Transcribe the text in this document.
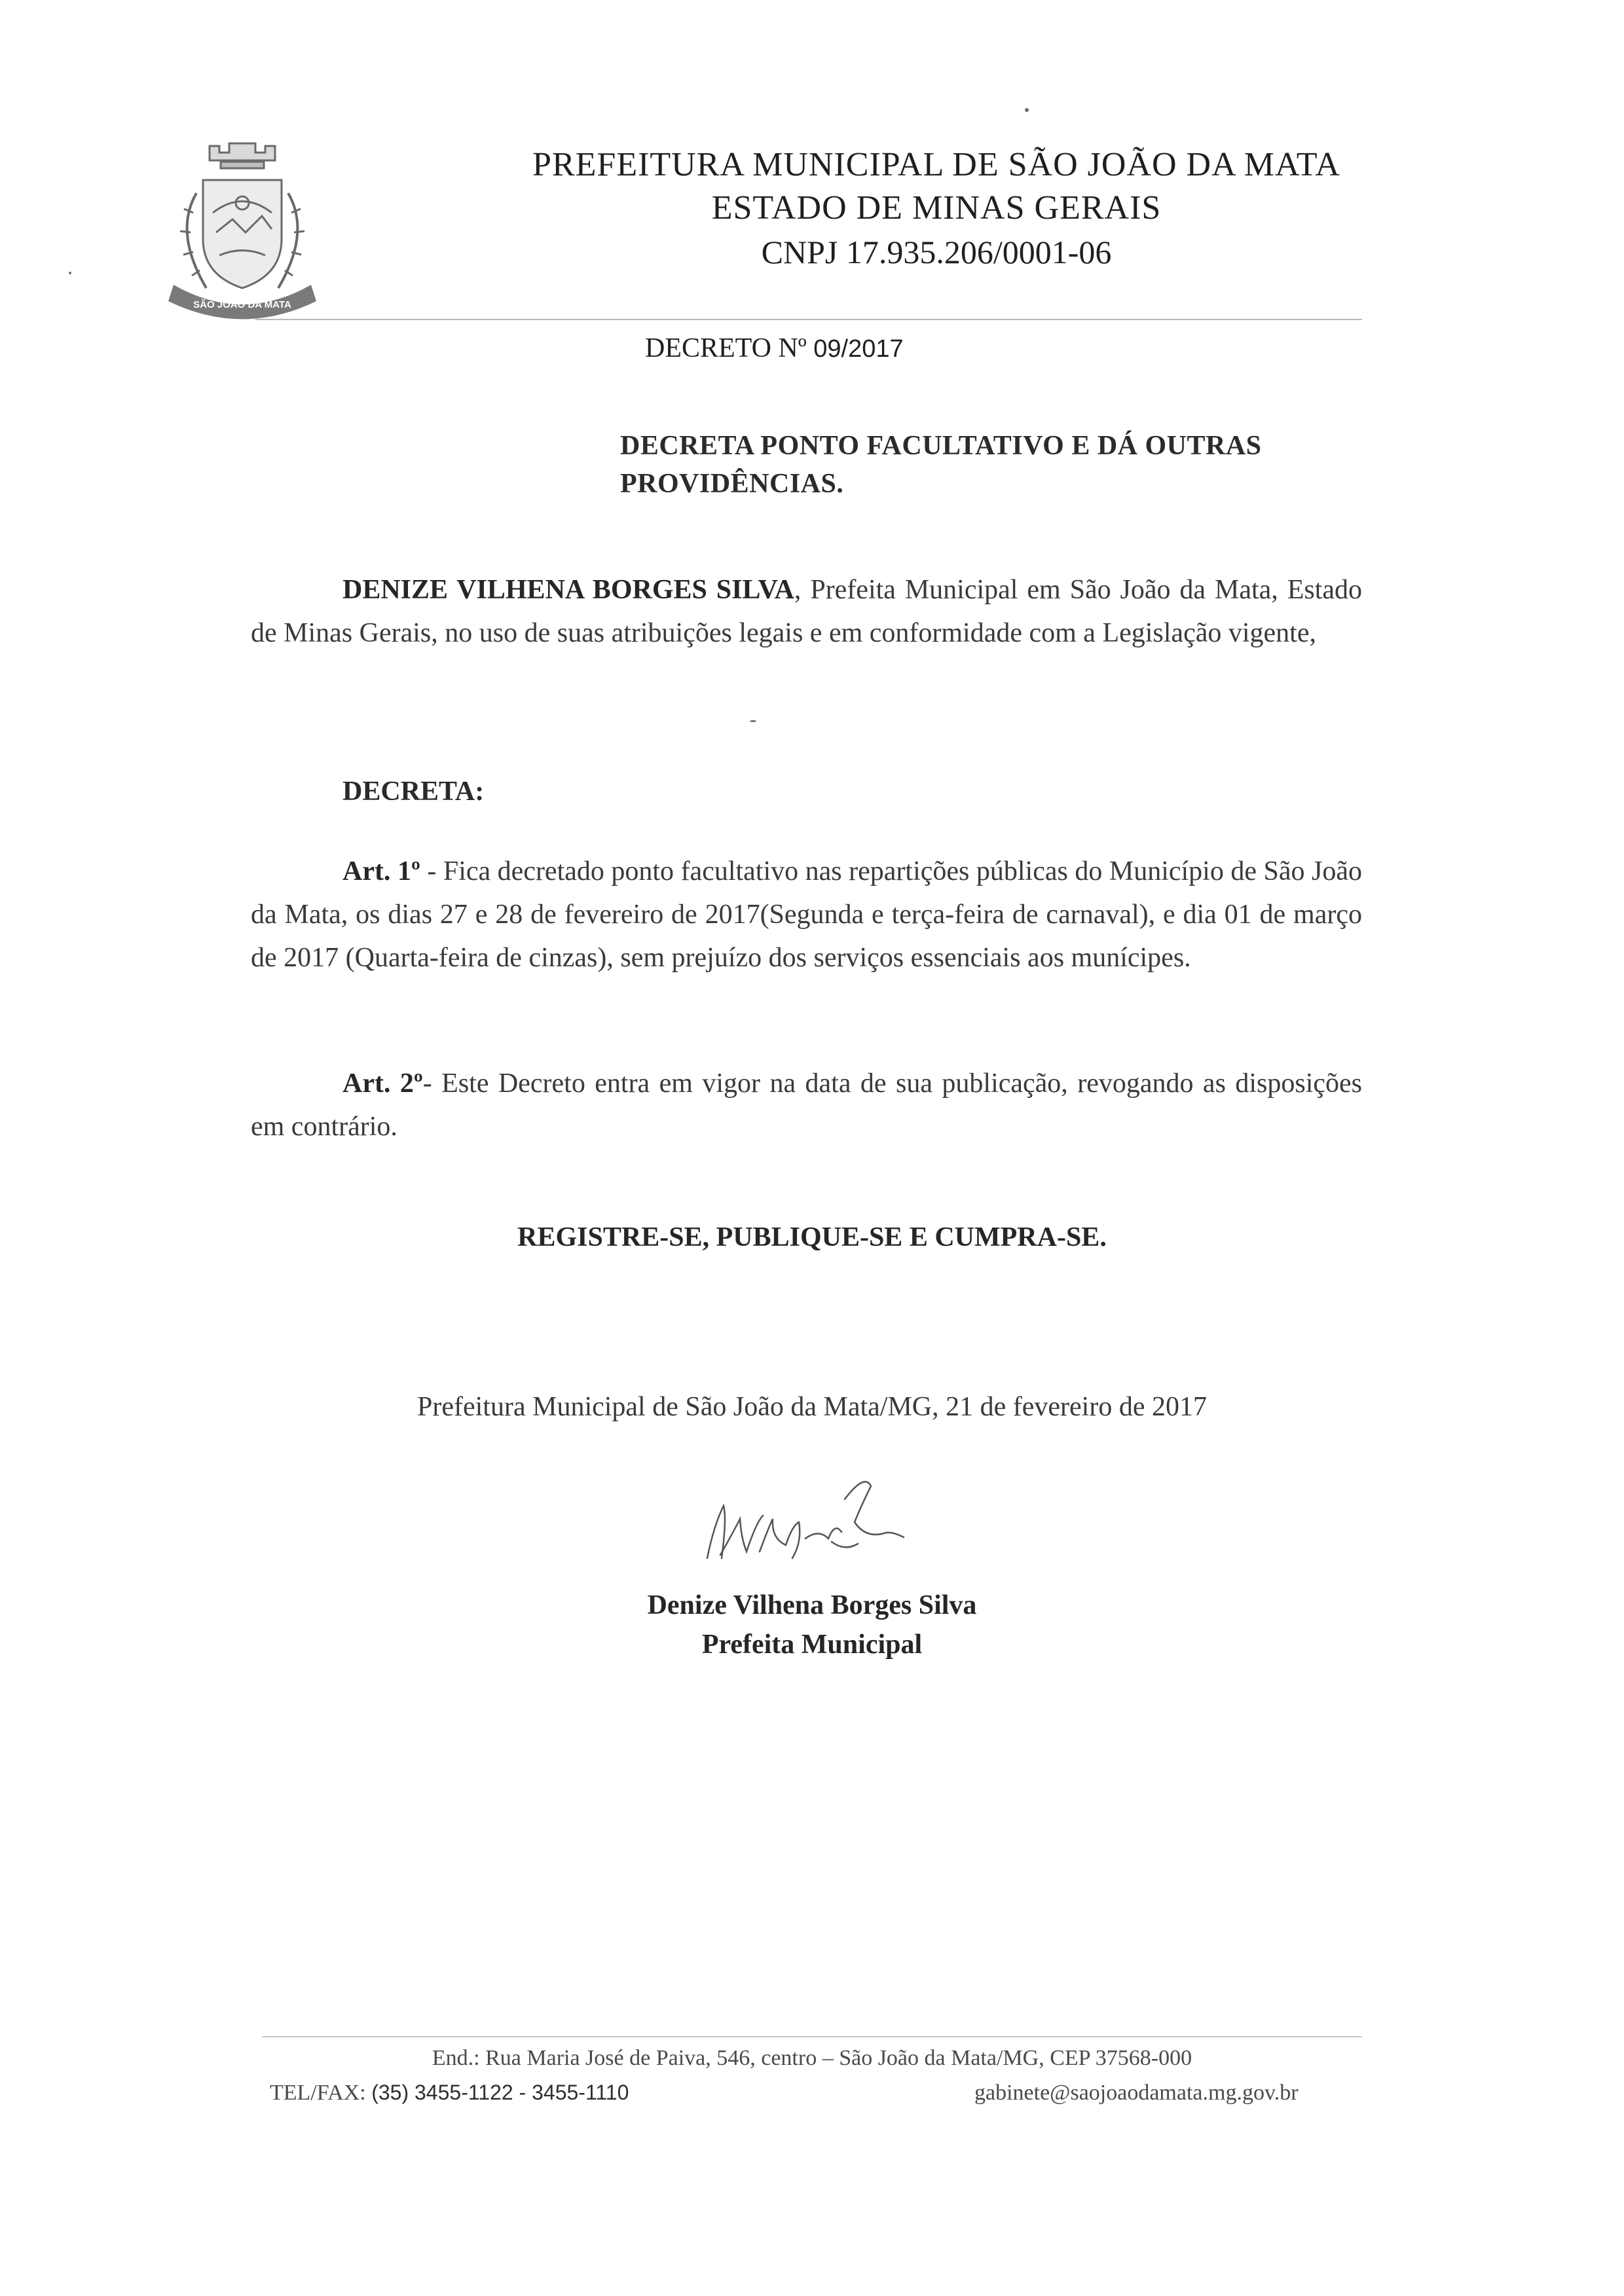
SÃO JOÃO DA MATA
PREFEITURA MUNICIPAL DE SÃO JOÃO DA MATA
ESTADO DE MINAS GERAIS
CNPJ 17.935.206/0001-06
DECRETO Nº 09/2017
DECRETA PONTO FACULTATIVO E DÁ OUTRAS PROVIDÊNCIAS.
DENIZE VILHENA BORGES SILVA, Prefeita Municipal em São João da Mata, Estado de Minas Gerais, no uso de suas atribuições legais e em conformidade com a Legislação vigente,
DECRETA:
Art. 1º - Fica decretado ponto facultativo nas repartições públicas do Município de São João da Mata, os dias 27 e 28 de fevereiro de 2017(Segunda e terça-feira de carnaval), e dia 01 de março de 2017 (Quarta-feira de cinzas), sem prejuízo dos serviços essenciais aos munícipes.
Art. 2º- Este Decreto entra em vigor na data de sua publicação, revogando as disposições em contrário.
REGISTRE-SE, PUBLIQUE-SE E CUMPRA-SE.
Prefeitura Municipal de São João da Mata/MG, 21 de fevereiro de 2017
Denize Vilhena Borges Silva
Prefeita Municipal
End.: Rua Maria José de Paiva, 546, centro – São João da Mata/MG, CEP 37568-000
TEL/FAX: (35) 3455-1122 - 3455-1110	gabinete@saojoaodamata.mg.gov.br
